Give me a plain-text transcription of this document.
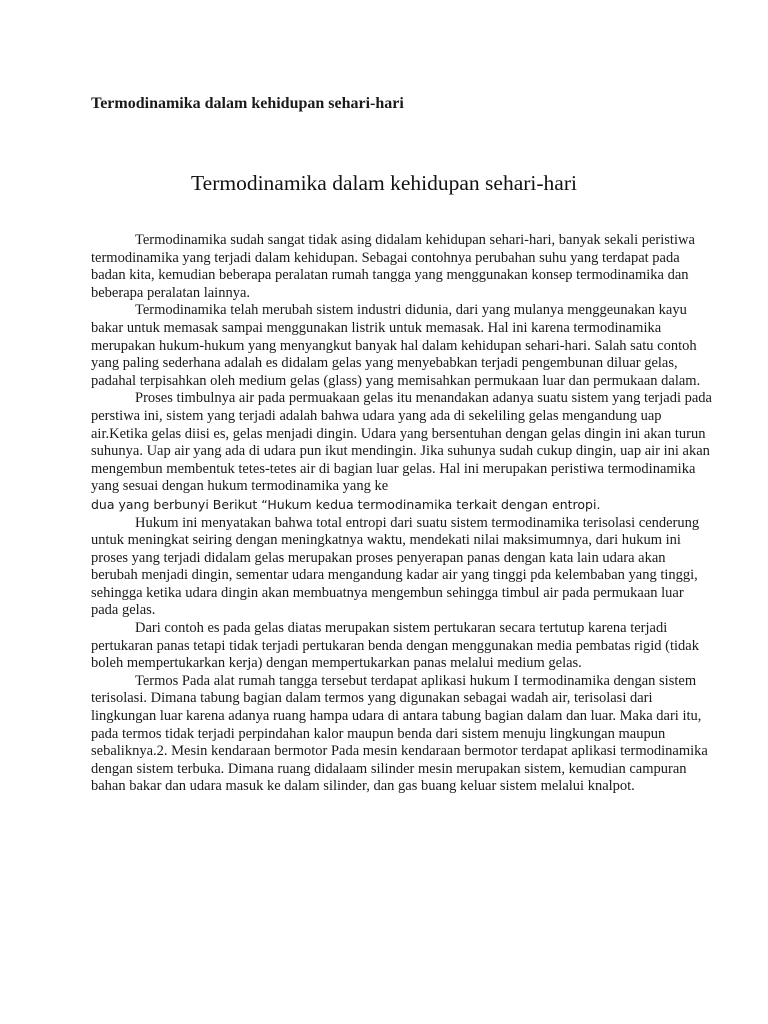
Termodinamika dalam kehidupan sehari-hari
Termodinamika dalam kehidupan sehari-hari

Termodinamika sudah sangat tidak asing didalam kehidupan sehari-hari, banyak sekali peristiwa termodinamika yang terjadi dalam kehidupan. Sebagai contohnya perubahan suhu yang terdapat pada badan kita, kemudian beberapa peralatan rumah tangga yang menggunakan konsep termodinamika dan beberapa peralatan lainnya.

Termodinamika telah merubah sistem industri didunia, dari yang mulanya menggeunakan kayu bakar untuk memasak sampai menggunakan listrik untuk memasak. Hal ini karena termodinamika merupakan hukum-hukum yang menyangkut banyak hal dalam kehidupan sehari-hari. Salah satu contoh yang paling sederhana adalah es didalam gelas yang menyebabkan terjadi pengembunan diluar gelas, padahal terpisahkan oleh medium gelas (glass) yang memisahkan permukaan luar dan permukaan dalam.

Proses timbulnya air pada permuakaan gelas itu menandakan adanya suatu sistem yang terjadi pada perstiwa ini, sistem yang terjadi adalah bahwa udara yang ada di sekeliling gelas mengandung uap air.Ketika gelas diisi es, gelas menjadi dingin. Udara yang bersentuhan dengan gelas dingin ini akan turun suhunya. Uap air yang ada di udara pun ikut mendingin. Jika suhunya sudah cukup dingin, uap air ini akan mengembun membentuk tetes-tetes air di bagian luar gelas. Hal ini merupakan peristiwa termodinamika yang sesuai dengan hukum termodinamika yang ke
dua yang berbunyi Berikut “Hukum kedua termodinamika terkait dengan entropi.

Hukum ini menyatakan bahwa total entropi dari suatu sistem termodinamika terisolasi cenderung untuk meningkat seiring dengan meningkatnya waktu, mendekati nilai maksimumnya, dari hukum ini proses yang terjadi didalam gelas merupakan proses penyerapan panas dengan kata lain udara akan berubah menjadi dingin, sementar udara mengandung kadar air yang tinggi pda kelembaban yang tinggi, sehingga ketika udara dingin akan membuatnya mengembun sehingga timbul air pada permukaan luar pada gelas.

Dari contoh es pada gelas diatas merupakan sistem pertukaran secara tertutup karena terjadi pertukaran panas tetapi tidak terjadi pertukaran benda dengan menggunakan media pembatas rigid (tidak boleh mempertukarkan kerja) dengan mempertukarkan panas melalui medium gelas.

Termos Pada alat rumah tangga tersebut terdapat aplikasi hukum I termodinamika dengan sistem terisolasi. Dimana tabung bagian dalam termos yang digunakan sebagai wadah air, terisolasi dari lingkungan luar karena adanya ruang hampa udara di antara tabung bagian dalam dan luar. Maka dari itu, pada termos tidak terjadi perpindahan kalor maupun benda dari sistem menuju lingkungan maupun sebaliknya.2. Mesin kendaraan bermotor Pada mesin kendaraan bermotor terdapat aplikasi termodinamika dengan sistem terbuka. Dimana ruang didalaam silinder mesin merupakan sistem, kemudian campuran bahan bakar dan udara masuk ke dalam silinder, dan gas buang keluar sistem melalui knalpot.
